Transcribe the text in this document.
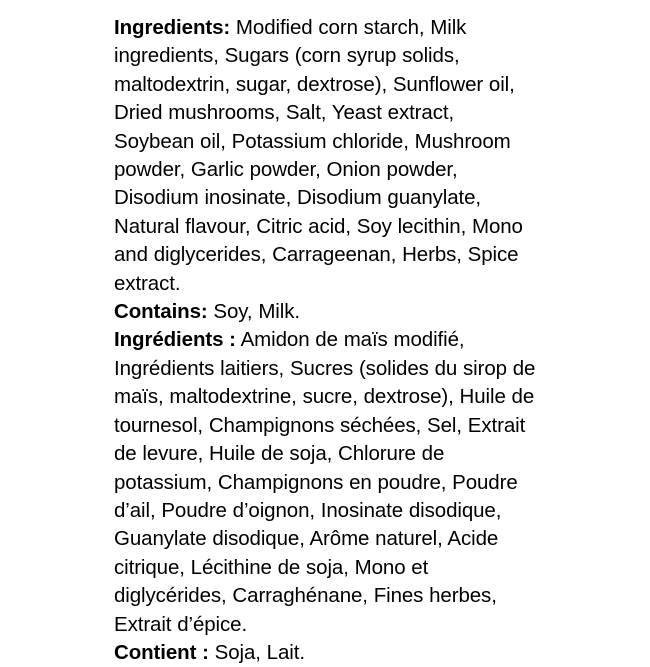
Ingredients: Modified corn starch, Milk ingredients, Sugars (corn syrup solids, maltodextrin, sugar, dextrose), Sunflower oil, Dried mushrooms, Salt, Yeast extract, Soybean oil, Potassium chloride, Mushroom powder, Garlic powder, Onion powder, Disodium inosinate, Disodium guanylate, Natural flavour, Citric acid, Soy lecithin, Mono and diglycerides, Carrageenan, Herbs, Spice extract.

Contains: Soy, Milk.

Ingrédients : Amidon de maïs modifié, Ingrédients laitiers, Sucres (solides du sirop de maïs, maltodextrine, sucre, dextrose), Huile de tournesol, Champignons séchées, Sel, Extrait de levure, Huile de soja, Chlorure de potassium, Champignons en poudre, Poudre d’ail, Poudre d’oignon, Inosinate disodique, Guanylate disodique, Arôme naturel, Acide citrique, Lécithine de soja, Mono et diglycérides, Carraghénane, Fines herbes, Extrait d’épice.

Contient : Soja, Lait.
